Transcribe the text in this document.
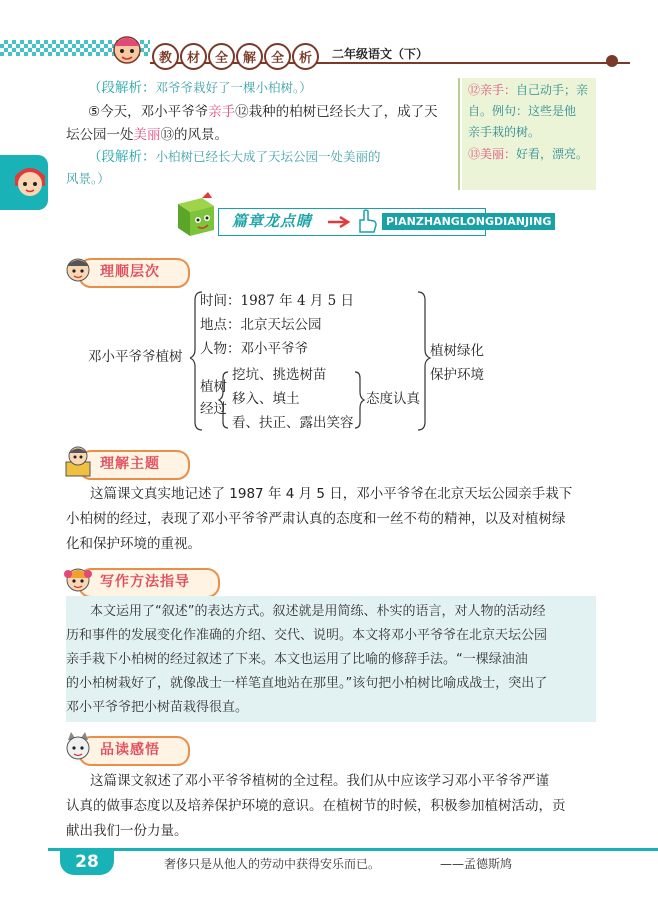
教	材	全	解	全	析	二年级语文（下）
（段解析：邓爷爷栽好了一棵小柏树。）
⑤今天，邓小平爷爷亲手⑫栽种的柏树已经长大了，成了天
坛公园一处美丽⑬的风景。
（段解析：小柏树已经长大成了天坛公园一处美丽的
风景。）
⑫亲手：自己动手；亲
自。例句：这些是他
亲手栽的树。
⑬美丽：好看，漂亮。
篇章龙点睛	PIANZHANGLONGDIANJING
理顺层次
邓小平爷爷植树
时间：1987 年 4 月 5 日
地点：北京天坛公园
人物：邓小平爷爷
植树
经过
挖坑、挑选树苗
移入、填土
看、扶正、露出笑容
态度认真
植树绿化
保护环境
理解主题
这篇课文真实地记述了 1987 年 4 月 5 日，邓小平爷爷在北京天坛公园亲手栽下
小柏树的经过，表现了邓小平爷爷严肃认真的态度和一丝不苟的精神，以及对植树绿
化和保护环境的重视。
写作方法指导
本文运用了“叙述”的表达方式。叙述就是用简练、朴实的语言，对人物的活动经
历和事件的发展变化作准确的介绍、交代、说明。本文将邓小平爷爷在北京天坛公园
亲手栽下小柏树的经过叙述了下来。本文也运用了比喻的修辞手法。“一棵绿油油
的小柏树栽好了，就像战士一样笔直地站在那里。”该句把小柏树比喻成战士，突出了
邓小平爷爷把小树苗栽得很直。
品读感悟
这篇课文叙述了邓小平爷爷植树的全过程。我们从中应该学习邓小平爷爷严谨
认真的做事态度以及培养保护环境的意识。在植树节的时候，积极参加植树活动，贡
献出我们一份力量。
28	奢侈只是从他人的劳动中获得安乐而已。	——孟德斯鸠
